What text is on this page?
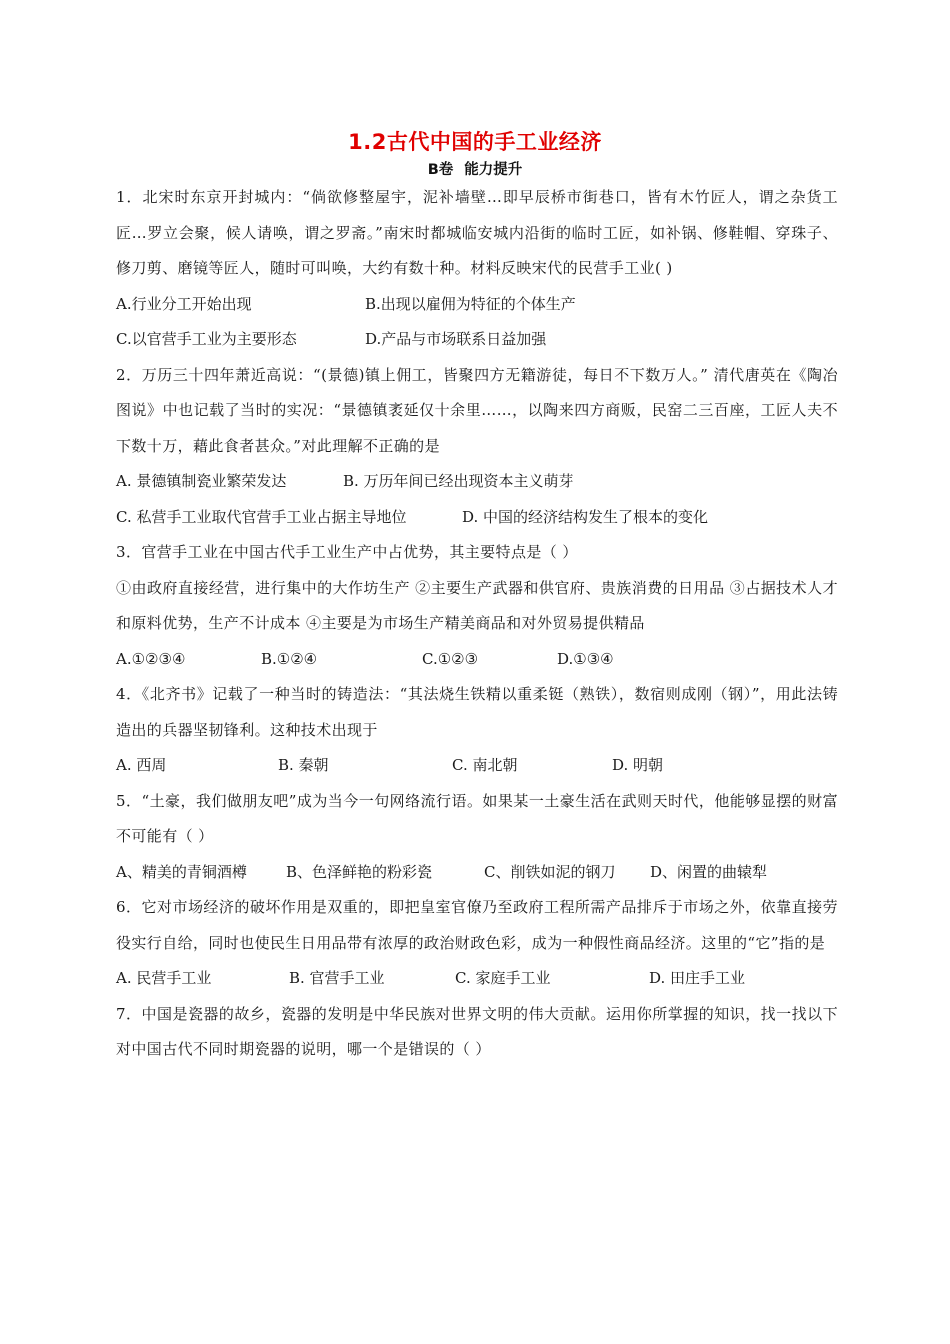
1.2古代中国的手工业经济
B卷 能力提升

1．北宋时东京开封城内：“倘欲修整屋宇，泥补墙壁…即早辰桥市街巷口，皆有木竹匠人，谓之杂货工匠…罗立会聚，候人请唤，谓之罗斋。”南宋时都城临安城内沿街的临时工匠，如补锅、修鞋帽、穿珠子、修刀剪、磨镜等匠人，随时可叫唤，大约有数十种。材料反映宋代的民营手工业( )

A.行业分工开始出现	B.出现以雇佣为特征的个体生产
C.以官营手工业为主要形态	D.产品与市场联系日益加强

2．万历三十四年萧近高说：“(景德)镇上佣工，皆聚四方无籍游徒，每日不下数万人。” 清代唐英在《陶冶图说》中也记载了当时的实况：“景德镇袤延仅十余里……，以陶来四方商贩，民窑二三百座，工匠人夫不下数十万，藉此食者甚众。”对此理解不正确的是

A. 景德镇制瓷业繁荣发达	B. 万历年间已经出现资本主义萌芽
C. 私营手工业取代官营手工业占据主导地位	D. 中国的经济结构发生了根本的变化

3．官营手工业在中国古代手工业生产中占优势，其主要特点是（ ）

①由政府直接经营，进行集中的大作坊生产 ②主要生产武器和供官府、贵族消费的日用品 ③占据技术人才和原料优势，生产不计成本 ④主要是为市场生产精美商品和对外贸易提供精品

A.①②③④	B.①②④	C.①②③	D.①③④

4．《北齐书》记载了一种当时的铸造法：“其法烧生铁精以重柔铤（熟铁），数宿则成刚（钢）”，用此法铸造出的兵器坚韧锋利。这种技术出现于

A. 西周	B. 秦朝	C. 南北朝	D. 明朝

5．“土豪，我们做朋友吧”成为当今一句网络流行语。如果某一土豪生活在武则天时代，他能够显摆的财富不可能有（ ）

A、精美的青铜酒樽	B、色泽鲜艳的粉彩瓷	C、削铁如泥的钢刀	D、闲置的曲辕犁

6．它对市场经济的破坏作用是双重的，即把皇室官僚乃至政府工程所需产品排斥于市场之外，依靠直接劳役实行自给，同时也使民生日用品带有浓厚的政治财政色彩，成为一种假性商品经济。这里的“它”指的是

A. 民营手工业	B. 官营手工业	C. 家庭手工业	D. 田庄手工业

7．中国是瓷器的故乡，瓷器的发明是中华民族对世界文明的伟大贡献。运用你所掌握的知识，找一找以下对中国古代不同时期瓷器的说明，哪一个是错误的（ ）
